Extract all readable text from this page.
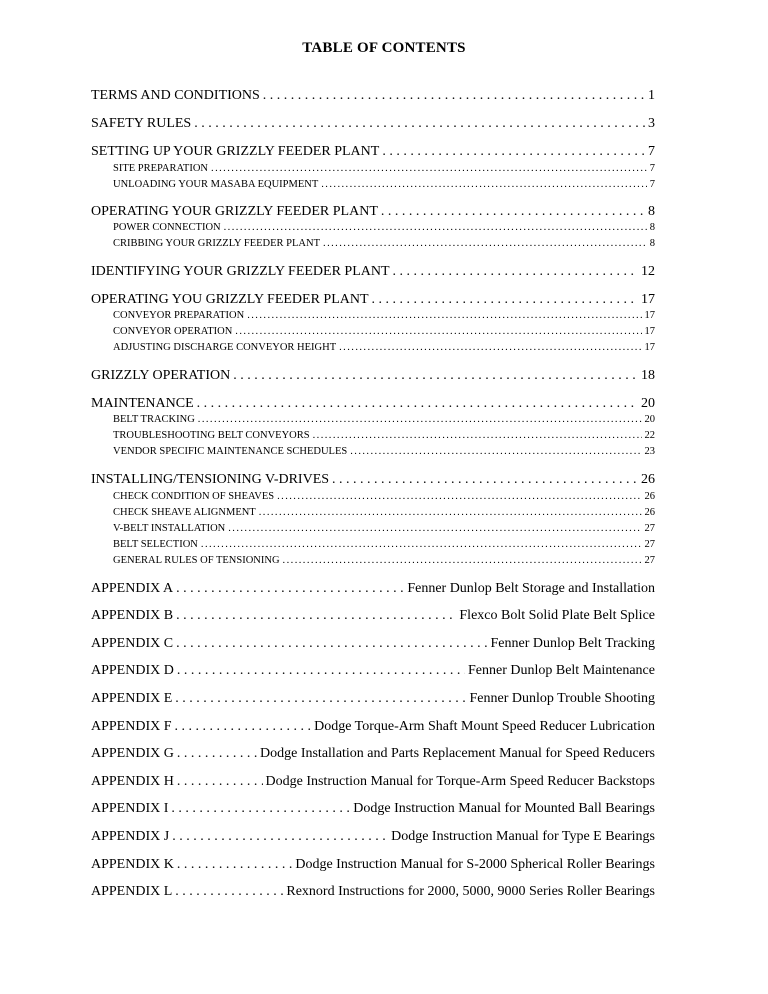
TABLE OF CONTENTS
TERMS AND CONDITIONS . . .	1
SAFETY RULES . . .	3
SETTING UP YOUR GRIZZLY FEEDER PLANT . . .	7
SITE PREPARATION . . .	7
UNLOADING YOUR MASABA EQUIPMENT . . .	7
OPERATING YOUR GRIZZLY FEEDER PLANT . . .	8
POWER CONNECTION . . .	8
CRIBBING YOUR GRIZZLY FEEDER PLANT . . .	8
IDENTIFYING YOUR GRIZZLY FEEDER PLANT . . .	12
OPERATING YOU GRIZZLY FEEDER PLANT . . .	17
CONVEYOR PREPARATION . . .	17
CONVEYOR OPERATION . . .	17
ADJUSTING DISCHARGE CONVEYOR HEIGHT . . .	17
GRIZZLY OPERATION . . .	18
MAINTENANCE . . .	20
BELT TRACKING . . .	20
TROUBLESHOOTING BELT CONVEYORS . . .	22
VENDOR SPECIFIC MAINTENANCE SCHEDULES . . .	23
INSTALLING/TENSIONING V-DRIVES . . .	26
CHECK CONDITION OF SHEAVES . . .	26
CHECK SHEAVE ALIGNMENT . . .	26
V-BELT INSTALLATION . . .	27
BELT SELECTION . . .	27
GENERAL RULES OF TENSIONING . . .	27
APPENDIX A . . .	Fenner Dunlop Belt Storage and Installation
APPENDIX B . . .	Flexco Bolt Solid Plate Belt Splice
APPENDIX C . . .	Fenner Dunlop Belt Tracking
APPENDIX D . . .	Fenner Dunlop Belt Maintenance
APPENDIX E . . .	Fenner Dunlop Trouble Shooting
APPENDIX F . . .	Dodge Torque-Arm Shaft Mount Speed Reducer Lubrication
APPENDIX G . . .	Dodge Installation and Parts Replacement Manual for Speed Reducers
APPENDIX H . . .	Dodge Instruction Manual for Torque-Arm Speed Reducer Backstops
APPENDIX I . . .	Dodge Instruction Manual for Mounted Ball Bearings
APPENDIX J . . .	Dodge Instruction Manual for Type E Bearings
APPENDIX K . . .	Dodge Instruction Manual for S-2000 Spherical Roller Bearings
APPENDIX L . . .	Rexnord Instructions for 2000, 5000, 9000 Series Roller Bearings
